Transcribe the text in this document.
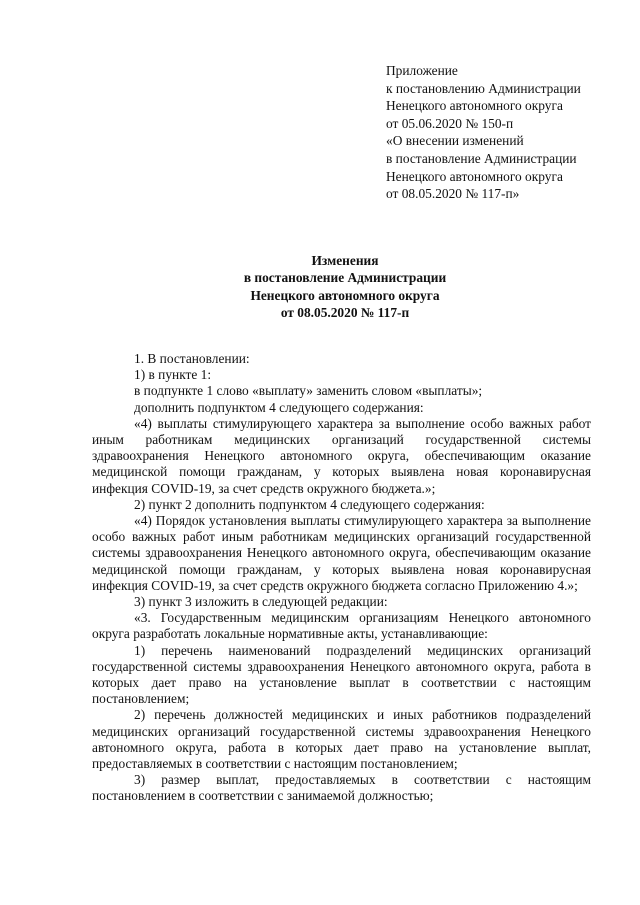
Приложение
к постановлению Администрации
Ненецкого автономного округа
от 05.06.2020 № 150-п
«О внесении изменений
в постановление Администрации
Ненецкого автономного округа
от 08.05.2020 № 117-п»
Изменения
в постановление Администрации
Ненецкого автономного округа
от 08.05.2020 № 117-п

1. В постановлении:

1) в пункте 1:

в подпункте 1 слово «выплату» заменить словом «выплаты»;

дополнить подпунктом 4 следующего содержания:

«4) выплаты стимулирующего характера за выполнение особо важных работ иным работникам медицинских организаций государственной системы здравоохранения Ненецкого автономного округа, обеспечивающим оказание медицинской помощи гражданам, у которых выявлена новая коронавирусная инфекция COVID-19, за счет средств окружного бюджета.»;

2) пункт 2 дополнить подпунктом 4 следующего содержания:

«4) Порядок установления выплаты стимулирующего характера за выполнение особо важных работ иным работникам медицинских организаций государственной системы здравоохранения Ненецкого автономного округа, обеспечивающим оказание медицинской помощи гражданам, у которых выявлена новая коронавирусная инфекция COVID-19, за счет средств окружного бюджета согласно Приложению 4.»;

3) пункт 3 изложить в следующей редакции:

«3. Государственным медицинским организациям Ненецкого автономного округа разработать локальные нормативные акты, устанавливающие:

1) перечень наименований подразделений медицинских организаций государственной системы здравоохранения Ненецкого автономного округа, работа в которых дает право на установление выплат в соответствии с настоящим постановлением;

2) перечень должностей медицинских и иных работников подразделений медицинских организаций государственной системы здравоохранения Ненецкого автономного округа, работа в которых дает право на установление выплат, предоставляемых в соответствии с настоящим постановлением;

3) размер выплат, предоставляемых в соответствии с настоящим постановлением в соответствии с занимаемой должностью;
